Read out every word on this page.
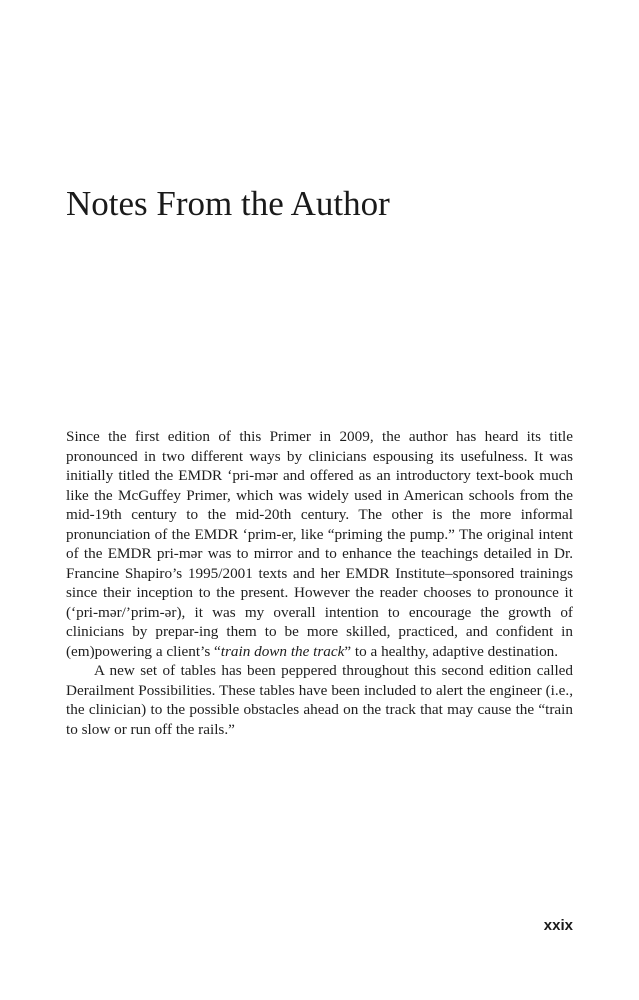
Notes From the Author

Since the first edition of this Primer in 2009, the author has heard its title pronounced in two different ways by clinicians espousing its usefulness. It was initially titled the EMDR ‘pri-mər and offered as an introductory text-book much like the McGuffey Primer, which was widely used in American schools from the mid-19th century to the mid-20th century. The other is the more informal pronunciation of the EMDR ‘prim-er, like “priming the pump.” The original intent of the EMDR pri-mər was to mirror and to enhance the teachings detailed in Dr. Francine Shapiro’s 1995/2001 texts and her EMDR Institute–sponsored trainings since their inception to the present. However the reader chooses to pronounce it (‘pri-mər/’prim-ər), it was my overall intention to encourage the growth of clinicians by prepar-ing them to be more skilled, practiced, and confident in (em)powering a client’s “train down the track” to a healthy, adaptive destination.

A new set of tables has been peppered throughout this second edition called Derailment Possibilities. These tables have been included to alert the engineer (i.e., the clinician) to the possible obstacles ahead on the track that may cause the “train to slow or run off the rails.”

xxix
